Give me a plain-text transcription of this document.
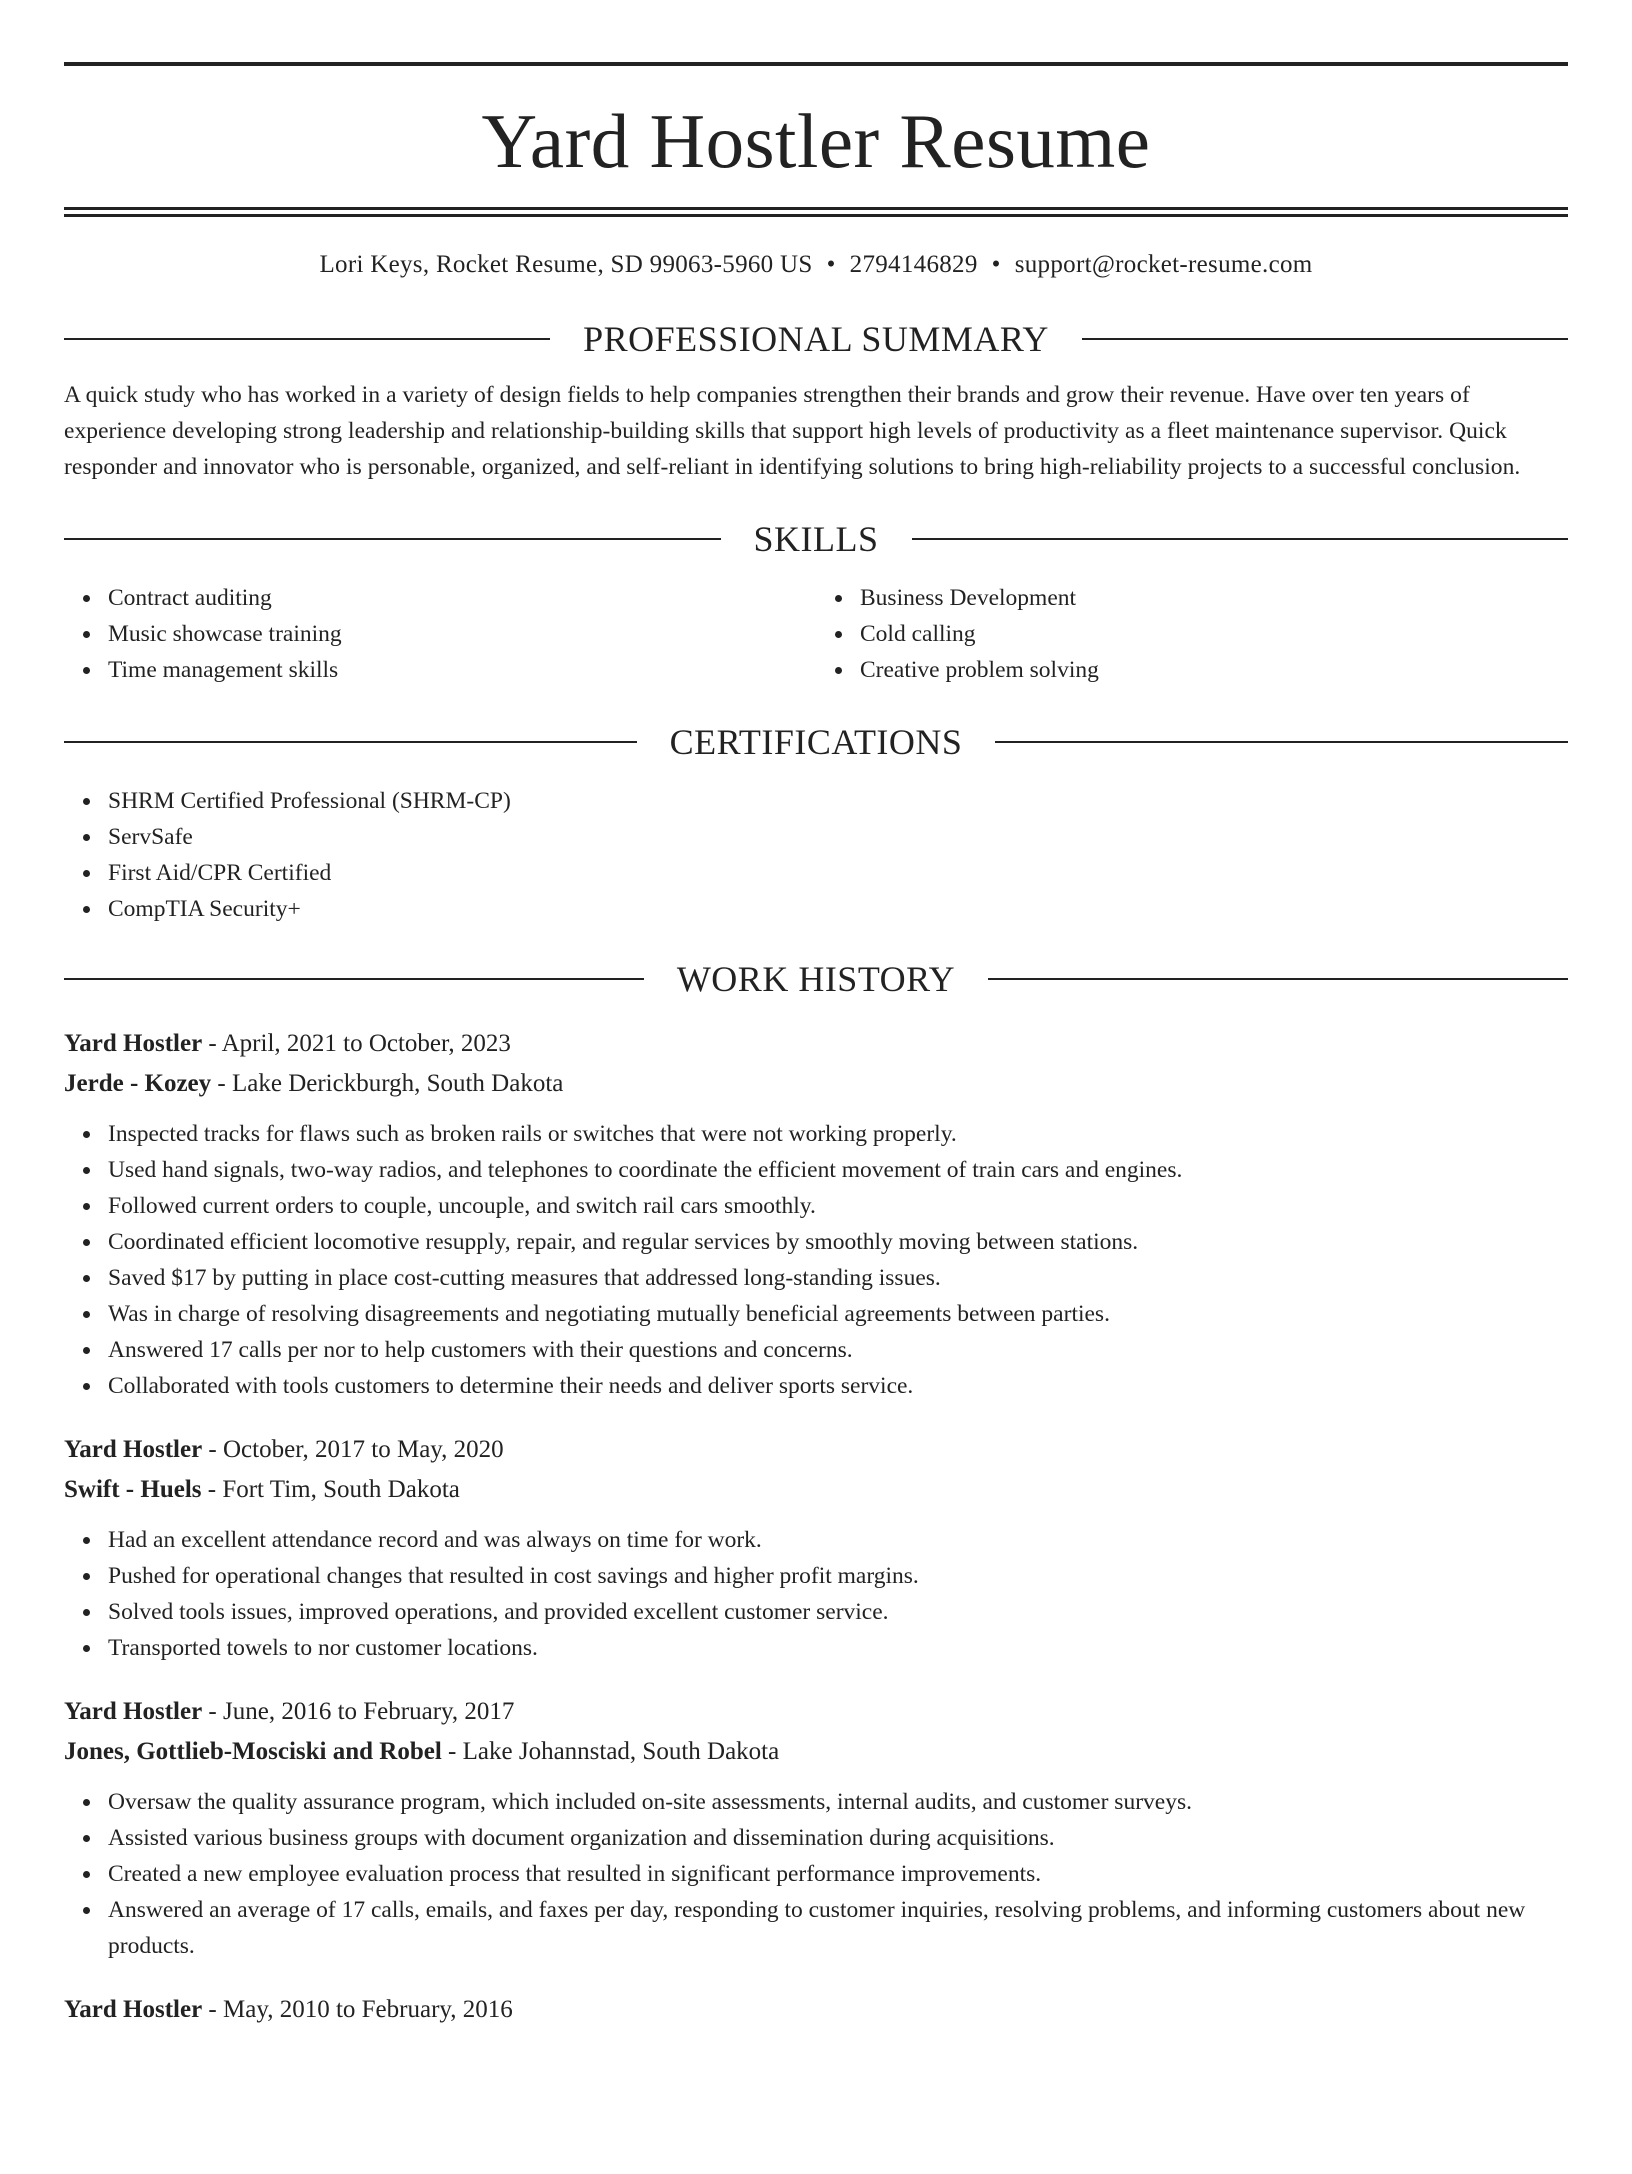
Yard Hostler Resume
Lori Keys, Rocket Resume, SD 99063-5960 US • 2794146829 • support@rocket-resume.com
PROFESSIONAL SUMMARY

A quick study who has worked in a variety of design fields to help companies strengthen their brands and grow their revenue. Have over ten years of experience developing strong leadership and relationship-building skills that support high levels of productivity as a fleet maintenance supervisor. Quick responder and innovator who is personable, organized, and self-reliant in identifying solutions to bring high-reliability projects to a successful conclusion.

SKILLS
Contract auditing
Music showcase training
Time management skills
Business Development
Cold calling
Creative problem solving
CERTIFICATIONS
SHRM Certified Professional (SHRM-CP)
ServSafe
First Aid/CPR Certified
CompTIA Security+
WORK HISTORY
Yard Hostler - April, 2021 to October, 2023
Jerde - Kozey - Lake Derickburgh, South Dakota
Inspected tracks for flaws such as broken rails or switches that were not working properly.
Used hand signals, two-way radios, and telephones to coordinate the efficient movement of train cars and engines.
Followed current orders to couple, uncouple, and switch rail cars smoothly.
Coordinated efficient locomotive resupply, repair, and regular services by smoothly moving between stations.
Saved $17 by putting in place cost-cutting measures that addressed long-standing issues.
Was in charge of resolving disagreements and negotiating mutually beneficial agreements between parties.
Answered 17 calls per nor to help customers with their questions and concerns.
Collaborated with tools customers to determine their needs and deliver sports service.
Yard Hostler - October, 2017 to May, 2020
Swift - Huels - Fort Tim, South Dakota
Had an excellent attendance record and was always on time for work.
Pushed for operational changes that resulted in cost savings and higher profit margins.
Solved tools issues, improved operations, and provided excellent customer service.
Transported towels to nor customer locations.
Yard Hostler - June, 2016 to February, 2017
Jones, Gottlieb-Mosciski and Robel - Lake Johannstad, South Dakota
Oversaw the quality assurance program, which included on-site assessments, internal audits, and customer surveys.
Assisted various business groups with document organization and dissemination during acquisitions.
Created a new employee evaluation process that resulted in significant performance improvements.
Answered an average of 17 calls, emails, and faxes per day, responding to customer inquiries, resolving problems, and informing customers about new products.
Yard Hostler - May, 2010 to February, 2016
